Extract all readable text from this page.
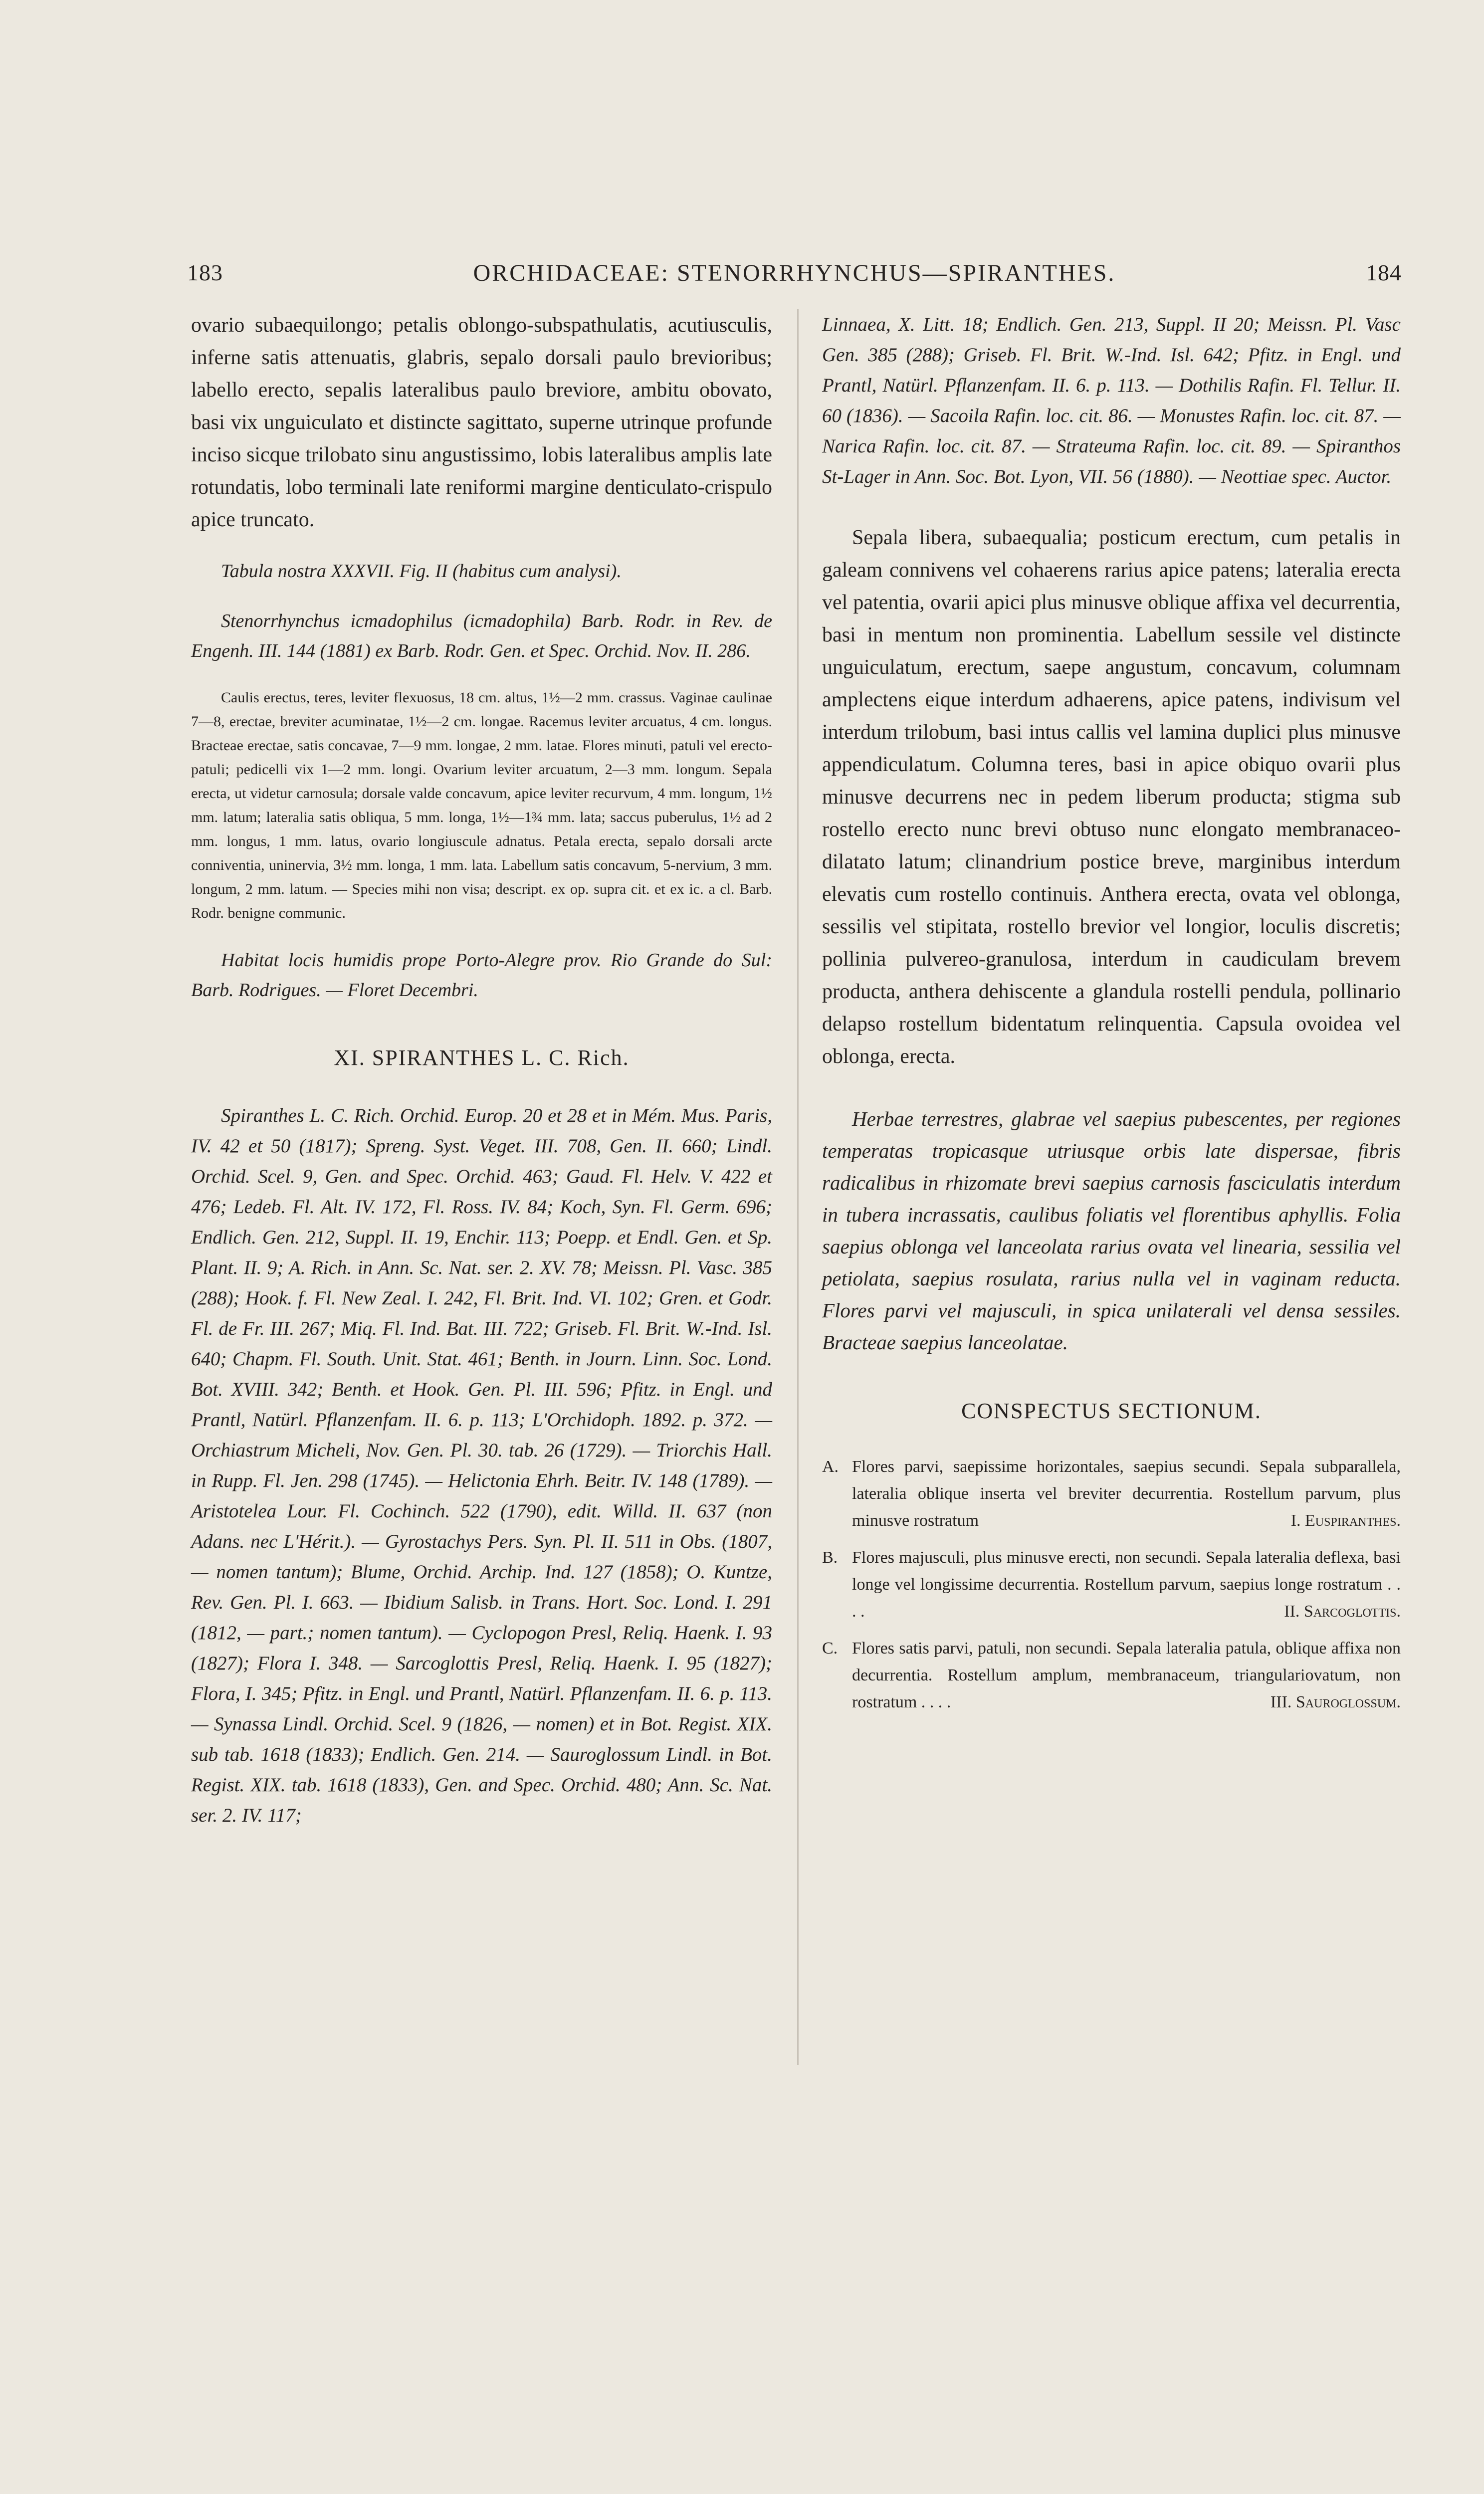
183	ORCHIDACEAE: STENORRHYNCHUS—SPIRANTHES.	184

ovario subaequilongo; petalis oblongo-subspathulatis, acutiusculis, inferne satis attenuatis, glabris, sepalo dorsali paulo brevioribus; labello erecto, sepalis lateralibus paulo breviore, ambitu obovato, basi vix unguiculato et distincte sagittato, superne utrinque profunde inciso sicque trilobato sinu angustissimo, lobis lateralibus amplis late rotundatis, lobo terminali late reniformi margine denticulato-crispulo apice truncato.

Tabula nostra XXXVII. Fig. II (habitus cum analysi).

Stenorrhynchus icmadophilus (icmadophila) Barb. Rodr. in Rev. de Engenh. III. 144 (1881) ex Barb. Rodr. Gen. et Spec. Orchid. Nov. II. 286.

Caulis erectus, teres, leviter flexuosus, 18 cm. altus, 1½—2 mm. crassus. Vaginae caulinae 7—8, erectae, breviter acuminatae, 1½—2 cm. longae. Racemus leviter arcuatus, 4 cm. longus. Bracteae erectae, satis concavae, 7—9 mm. longae, 2 mm. latae. Flores minuti, patuli vel erecto-patuli; pedicelli vix 1—2 mm. longi. Ovarium leviter arcuatum, 2—3 mm. longum. Sepala erecta, ut videtur carnosula; dorsale valde concavum, apice leviter recurvum, 4 mm. longum, 1½ mm. latum; lateralia satis obliqua, 5 mm. longa, 1½—1¾ mm. lata; saccus puberulus, 1½ ad 2 mm. longus, 1 mm. latus, ovario longiuscule adnatus. Petala erecta, sepalo dorsali arcte conniventia, uninervia, 3½ mm. longa, 1 mm. lata. Labellum satis concavum, 5-nervium, 3 mm. longum, 2 mm. latum. — Species mihi non visa; descript. ex op. supra cit. et ex ic. a cl. Barb. Rodr. benigne communic.

Habitat locis humidis prope Porto-Alegre prov. Rio Grande do Sul: Barb. Rodrigues. — Floret Decembri.

XI. SPIRANTHES L. C. Rich.

Spiranthes L. C. Rich. Orchid. Europ. 20 et 28 et in Mém. Mus. Paris, IV. 42 et 50 (1817); Spreng. Syst. Veget. III. 708, Gen. II. 660; Lindl. Orchid. Scel. 9, Gen. and Spec. Orchid. 463; Gaud. Fl. Helv. V. 422 et 476; Ledeb. Fl. Alt. IV. 172, Fl. Ross. IV. 84; Koch, Syn. Fl. Germ. 696; Endlich. Gen. 212, Suppl. II. 19, Enchir. 113; Poepp. et Endl. Gen. et Sp. Plant. II. 9; A. Rich. in Ann. Sc. Nat. ser. 2. XV. 78; Meissn. Pl. Vasc. 385 (288); Hook. f. Fl. New Zeal. I. 242, Fl. Brit. Ind. VI. 102; Gren. et Godr. Fl. de Fr. III. 267; Miq. Fl. Ind. Bat. III. 722; Griseb. Fl. Brit. W.-Ind. Isl. 640; Chapm. Fl. South. Unit. Stat. 461; Benth. in Journ. Linn. Soc. Lond. Bot. XVIII. 342; Benth. et Hook. Gen. Pl. III. 596; Pfitz. in Engl. und Prantl, Natürl. Pflanzenfam. II. 6. p. 113; L'Orchidoph. 1892. p. 372. — Orchiastrum Micheli, Nov. Gen. Pl. 30. tab. 26 (1729). — Triorchis Hall. in Rupp. Fl. Jen. 298 (1745). — Helictonia Ehrh. Beitr. IV. 148 (1789). — Aristotelea Lour. Fl. Cochinch. 522 (1790), edit. Willd. II. 637 (non Adans. nec L'Hérit.). — Gyrostachys Pers. Syn. Pl. II. 511 in Obs. (1807, — nomen tantum); Blume, Orchid. Archip. Ind. 127 (1858); O. Kuntze, Rev. Gen. Pl. I. 663. — Ibidium Salisb. in Trans. Hort. Soc. Lond. I. 291 (1812, — part.; nomen tantum). — Cyclopogon Presl, Reliq. Haenk. I. 93 (1827); Flora I. 348. — Sarcoglottis Presl, Reliq. Haenk. I. 95 (1827); Flora, I. 345; Pfitz. in Engl. und Prantl, Natürl. Pflanzenfam. II. 6. p. 113. — Synassa Lindl. Orchid. Scel. 9 (1826, — nomen) et in Bot. Regist. XIX. sub tab. 1618 (1833); Endlich. Gen. 214. — Sauroglossum Lindl. in Bot. Regist. XIX. tab. 1618 (1833), Gen. and Spec. Orchid. 480; Ann. Sc. Nat. ser. 2. IV. 117;

Linnaea, X. Litt. 18; Endlich. Gen. 213, Suppl. II 20; Meissn. Pl. Vasc Gen. 385 (288); Griseb. Fl. Brit. W.-Ind. Isl. 642; Pfitz. in Engl. und Prantl, Natürl. Pflanzenfam. II. 6. p. 113. — Dothilis Rafin. Fl. Tellur. II. 60 (1836). — Sacoila Rafin. loc. cit. 86. — Monustes Rafin. loc. cit. 87. — Narica Rafin. loc. cit. 87. — Strateuma Rafin. loc. cit. 89. — Spiranthos St-Lager in Ann. Soc. Bot. Lyon, VII. 56 (1880). — Neottiae spec. Auctor.

Sepala libera, subaequalia; posticum erectum, cum petalis in galeam connivens vel cohaerens rarius apice patens; lateralia erecta vel patentia, ovarii apici plus minusve oblique affixa vel decurrentia, basi in mentum non prominentia. Labellum sessile vel distincte unguiculatum, erectum, saepe angustum, concavum, columnam amplectens eique interdum adhaerens, apice patens, indivisum vel interdum trilobum, basi intus callis vel lamina duplici plus minusve appendiculatum. Columna teres, basi in apice obiquo ovarii plus minusve decurrens nec in pedem liberum producta; stigma sub rostello erecto nunc brevi obtuso nunc elongato membranaceo-dilatato latum; clinandrium postice breve, marginibus interdum elevatis cum rostello continuis. Anthera erecta, ovata vel oblonga, sessilis vel stipitata, rostello brevior vel longior, loculis discretis; pollinia pulvereo-granulosa, interdum in caudiculam brevem producta, anthera dehiscente a glandula rostelli pendula, pollinario delapso rostellum bidentatum relinquentia. Capsula ovoidea vel oblonga, erecta.

Herbae terrestres, glabrae vel saepius pubescentes, per regiones temperatas tropicasque utriusque orbis late dispersae, fibris radicalibus in rhizomate brevi saepius carnosis fasciculatis interdum in tubera incrassatis, caulibus foliatis vel florentibus aphyllis. Folia saepius oblonga vel lanceolata rarius ovata vel linearia, sessilia vel petiolata, saepius rosulata, rarius nulla vel in vaginam reducta. Flores parvi vel majusculi, in spica unilaterali vel densa sessiles. Bracteae saepius lanceolatae.

CONSPECTUS SECTIONUM.

A. Flores parvi, saepissime horizontales, saepius secundi. Sepala subparallela, lateralia oblique inserta vel breviter decurrentia. Rostellum parvum, plus minusve rostratum	I. Euspiranthes.

B. Flores majusculi, plus minusve erecti, non secundi. Sepala lateralia deflexa, basi longe vel longissime decurrentia. Rostellum parvum, saepius longe rostratum . . . .	II. Sarcoglottis.

C. Flores satis parvi, patuli, non secundi. Sepala lateralia patula, oblique affixa non decurrentia. Rostellum amplum, membranaceum, triangulariovatum, non rostratum . . . .	III. Sauroglossum.
